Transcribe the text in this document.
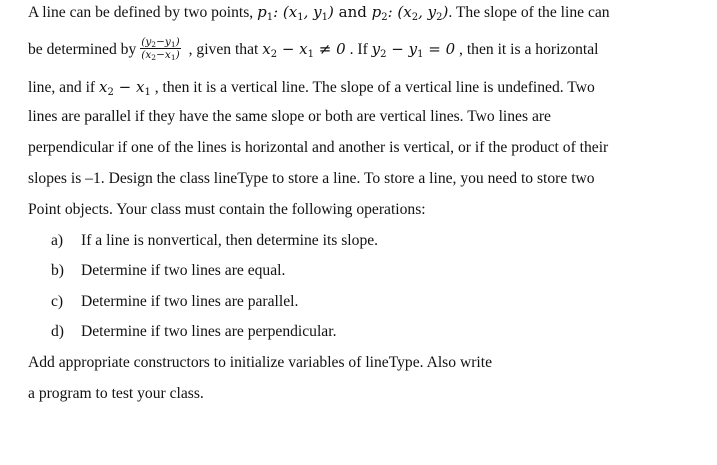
A line can be defined by two points, $p_1$: ($x_1$, $y_1$) and $p_2$: ($x_2$, $y_2$). The slope of the line can
be determined by $\frac{(y_2-y_1)}{(x_2-x_1)}$ , given that $x_2 - x_1 \ne 0$ . If $y_2 - y_1 = 0$ , then it is a horizontal
line, and if $x_2 - x_1$ , then it is a vertical line. The slope of a vertical line is undefined. Two
lines are parallel if they have the same slope or both are vertical lines. Two lines are
perpendicular if one of the lines is horizontal and another is vertical, or if the product of their
slopes is –1. Design the class lineType to store a line. To store a line, you need to store two
Point objects. Your class must contain the following operations:
a) If a line is nonvertical, then determine its slope.
b) Determine if two lines are equal.
c) Determine if two lines are parallel.
d) Determine if two lines are perpendicular.
Add appropriate constructors to initialize variables of lineType. Also write
a program to test your class.
